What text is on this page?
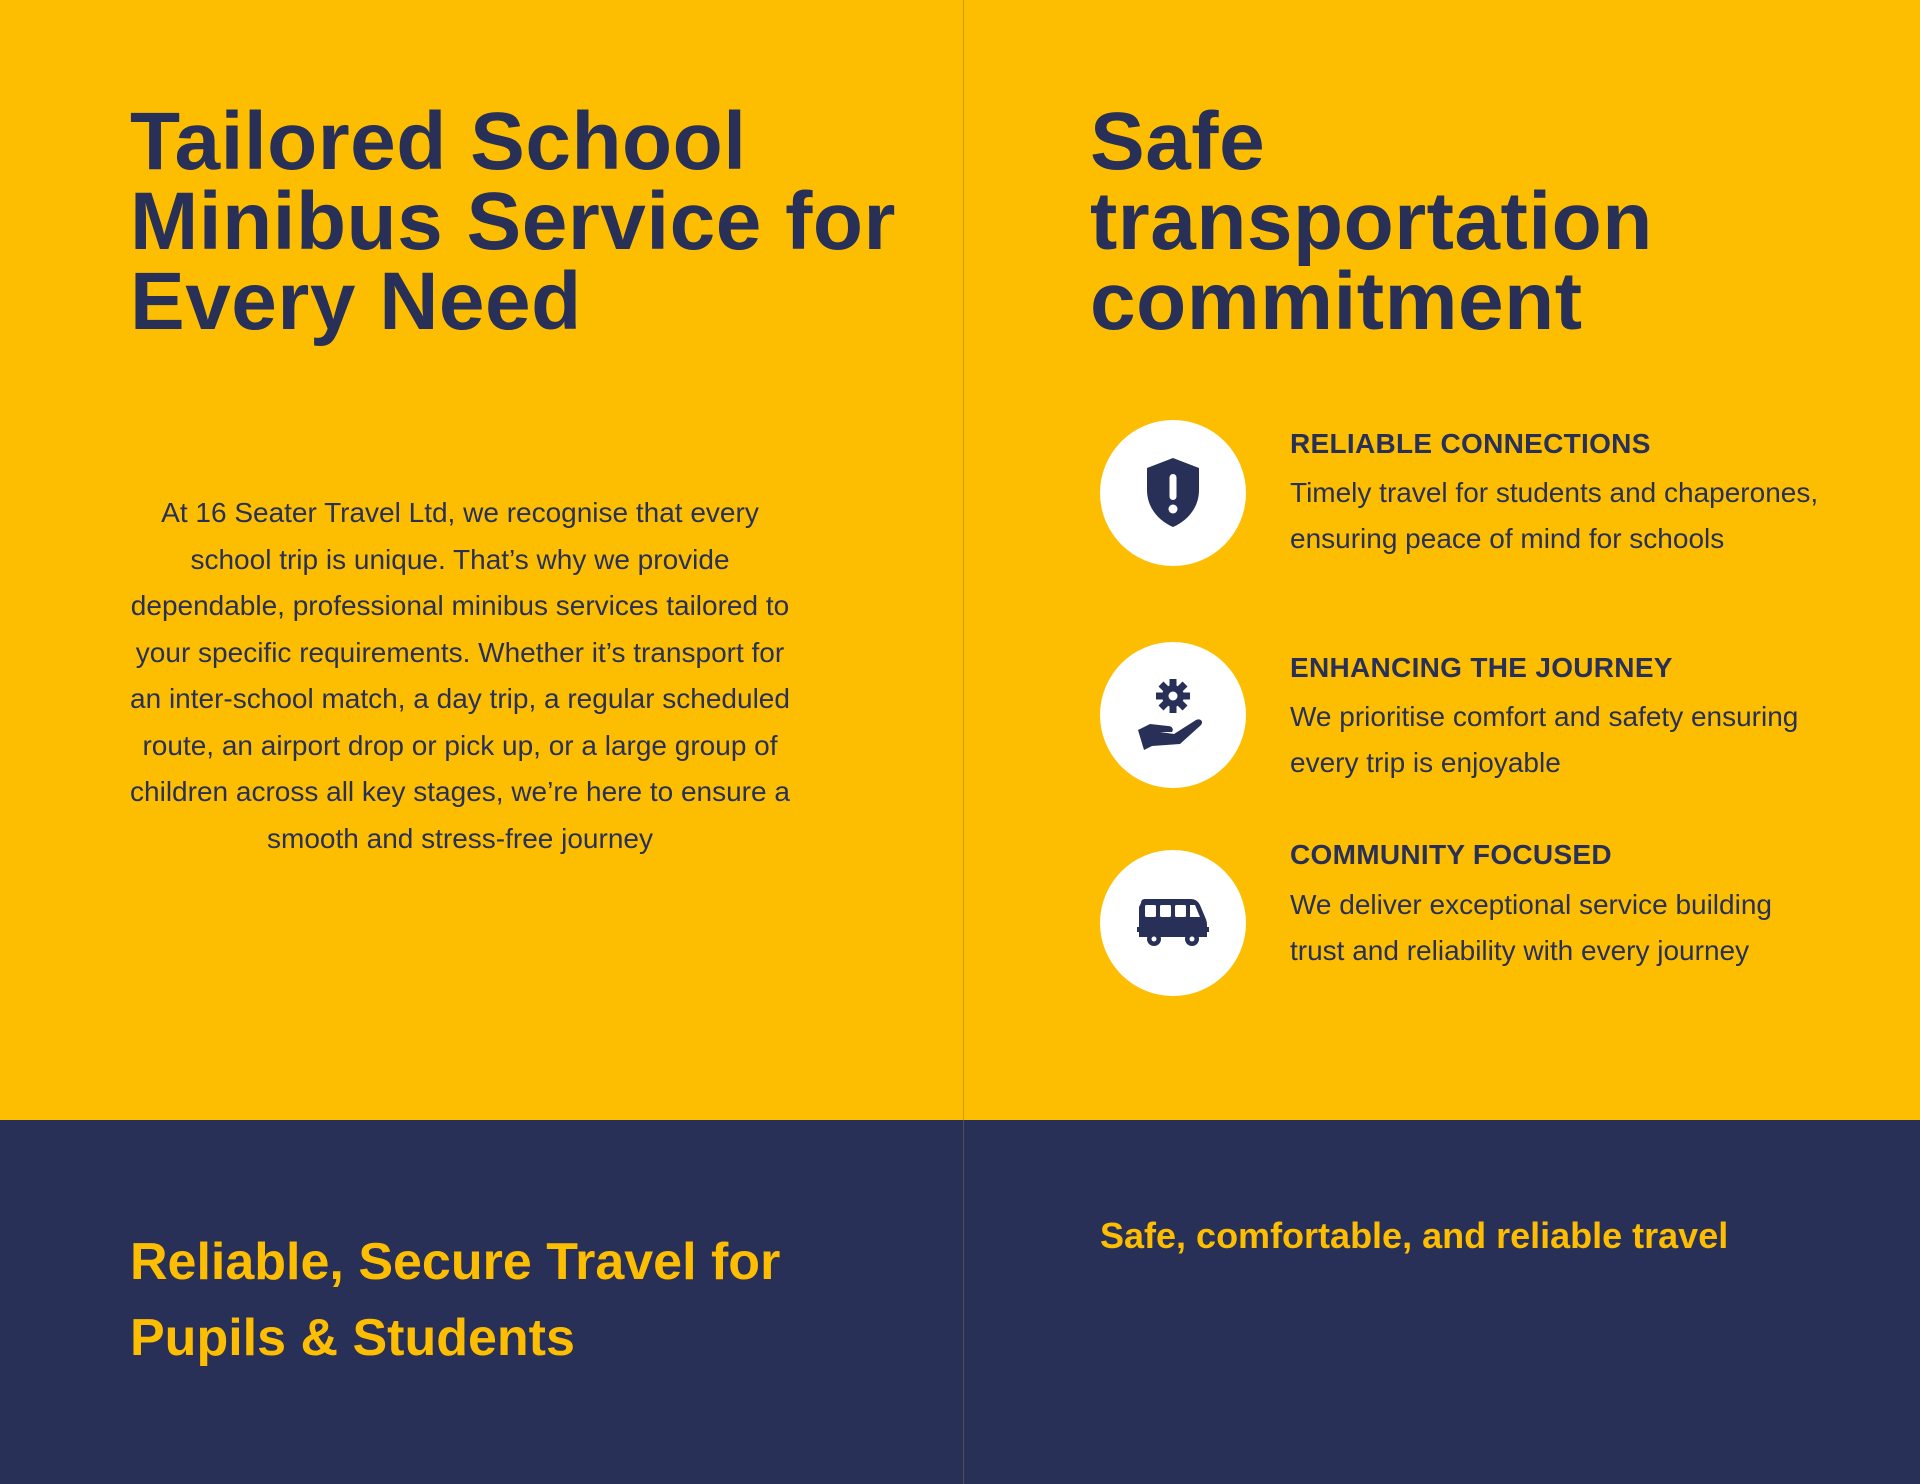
Tailored School Minibus Service for Every Need

At 16 Seater Travel Ltd, we recognise that every school trip is unique. That’s why we provide dependable, professional minibus services tailored to your specific requirements. Whether it’s transport for an inter-school match, a day trip, a regular scheduled route, an airport drop or pick up, or a large group of children across all key stages, we’re here to ensure a smooth and stress-free journey

Safe transportation commitment

RELIABLE CONNECTIONS

Timely travel for students and chaperones, ensuring peace of mind for schools

ENHANCING THE JOURNEY

We prioritise comfort and safety ensuring every trip is enjoyable

COMMUNITY FOCUSED

We deliver exceptional service building trust and reliability with every journey

Reliable, Secure Travel for Pupils & Students
Safe, comfortable, and reliable travel
